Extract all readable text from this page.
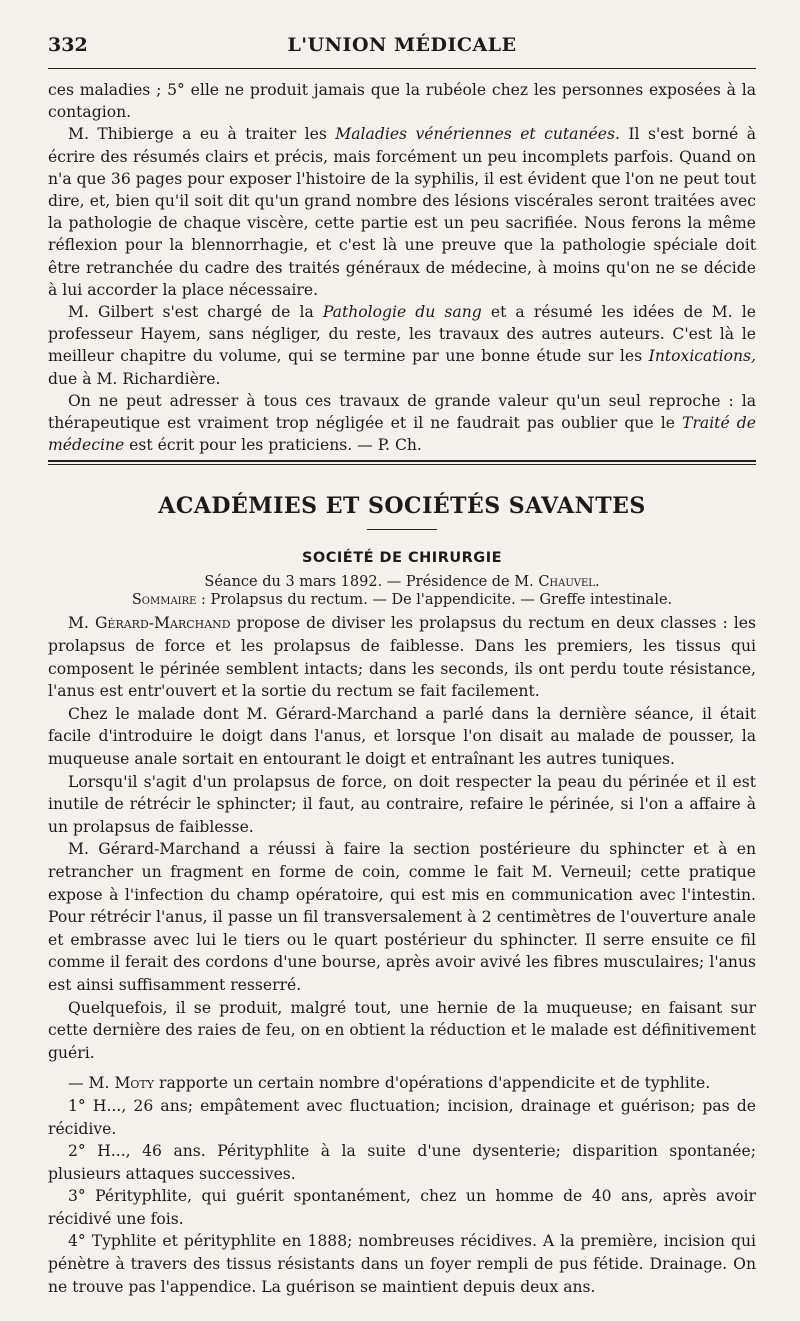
332	L'UNION MÉDICALE

ces maladies ; 5° elle ne produit jamais que la rubéole chez les personnes exposées à la contagion.

M. Thibierge a eu à traiter les Maladies vénériennes et cutanées. Il s'est borné à écrire des résumés clairs et précis, mais forcément un peu incomplets parfois. Quand on n'a que 36 pages pour exposer l'histoire de la syphilis, il est évident que l'on ne peut tout dire, et, bien qu'il soit dit qu'un grand nombre des lésions viscérales seront traitées avec la pathologie de chaque viscère, cette partie est un peu sacrifiée. Nous ferons la même réflexion pour la blennorrhagie, et c'est là une preuve que la pathologie spéciale doit être retranchée du cadre des traités généraux de médecine, à moins qu'on ne se décide à lui accorder la place nécessaire.

M. Gilbert s'est chargé de la Pathologie du sang et a résumé les idées de M. le professeur Hayem, sans négliger, du reste, les travaux des autres auteurs. C'est là le meilleur chapitre du volume, qui se termine par une bonne étude sur les Intoxications, due à M. Richardière.

On ne peut adresser à tous ces travaux de grande valeur qu'un seul reproche : la thérapeutique est vraiment trop négligée et il ne faudrait pas oublier que le Traité de médecine est écrit pour les praticiens. — P. Ch.

ACADÉMIES ET SOCIÉTÉS SAVANTES
SOCIÉTÉ DE CHIRURGIE
Séance du 3 mars 1892. — Présidence de M. Chauvel.
Sommaire : Prolapsus du rectum. — De l'appendicite. — Greffe intestinale.

M. Gérard-Marchand propose de diviser les prolapsus du rectum en deux classes : les prolapsus de force et les prolapsus de faiblesse. Dans les premiers, les tissus qui composent le périnée semblent intacts; dans les seconds, ils ont perdu toute résistance, l'anus est entr'ouvert et la sortie du rectum se fait facilement.

Chez le malade dont M. Gérard-Marchand a parlé dans la dernière séance, il était facile d'introduire le doigt dans l'anus, et lorsque l'on disait au malade de pousser, la muqueuse anale sortait en entourant le doigt et entraînant les autres tuniques.

Lorsqu'il s'agit d'un prolapsus de force, on doit respecter la peau du périnée et il est inutile de rétrécir le sphincter; il faut, au contraire, refaire le périnée, si l'on a affaire à un prolapsus de faiblesse.

M. Gérard-Marchand a réussi à faire la section postérieure du sphincter et à en retrancher un fragment en forme de coin, comme le fait M. Verneuil; cette pratique expose à l'infection du champ opératoire, qui est mis en communication avec l'intestin. Pour rétrécir l'anus, il passe un fil transversalement à 2 centimètres de l'ouverture anale et embrasse avec lui le tiers ou le quart postérieur du sphincter. Il serre ensuite ce fil comme il ferait des cordons d'une bourse, après avoir avivé les fibres musculaires; l'anus est ainsi suffisamment resserré.

Quelquefois, il se produit, malgré tout, une hernie de la muqueuse; en faisant sur cette dernière des raies de feu, on en obtient la réduction et le malade est définitivement guéri.

— M. Moty rapporte un certain nombre d'opérations d'appendicite et de typhlite.

1° H..., 26 ans; empâtement avec fluctuation; incision, drainage et guérison; pas de récidive.

2° H..., 46 ans. Pérityphlite à la suite d'une dysenterie; disparition spontanée; plusieurs attaques successives.

3° Pérityphlite, qui guérit spontanément, chez un homme de 40 ans, après avoir récidivé une fois.

4° Typhlite et pérityphlite en 1888; nombreuses récidives. A la première, incision qui pénètre à travers des tissus résistants dans un foyer rempli de pus fétide. Drainage. On ne trouve pas l'appendice. La guérison se maintient depuis deux ans.
